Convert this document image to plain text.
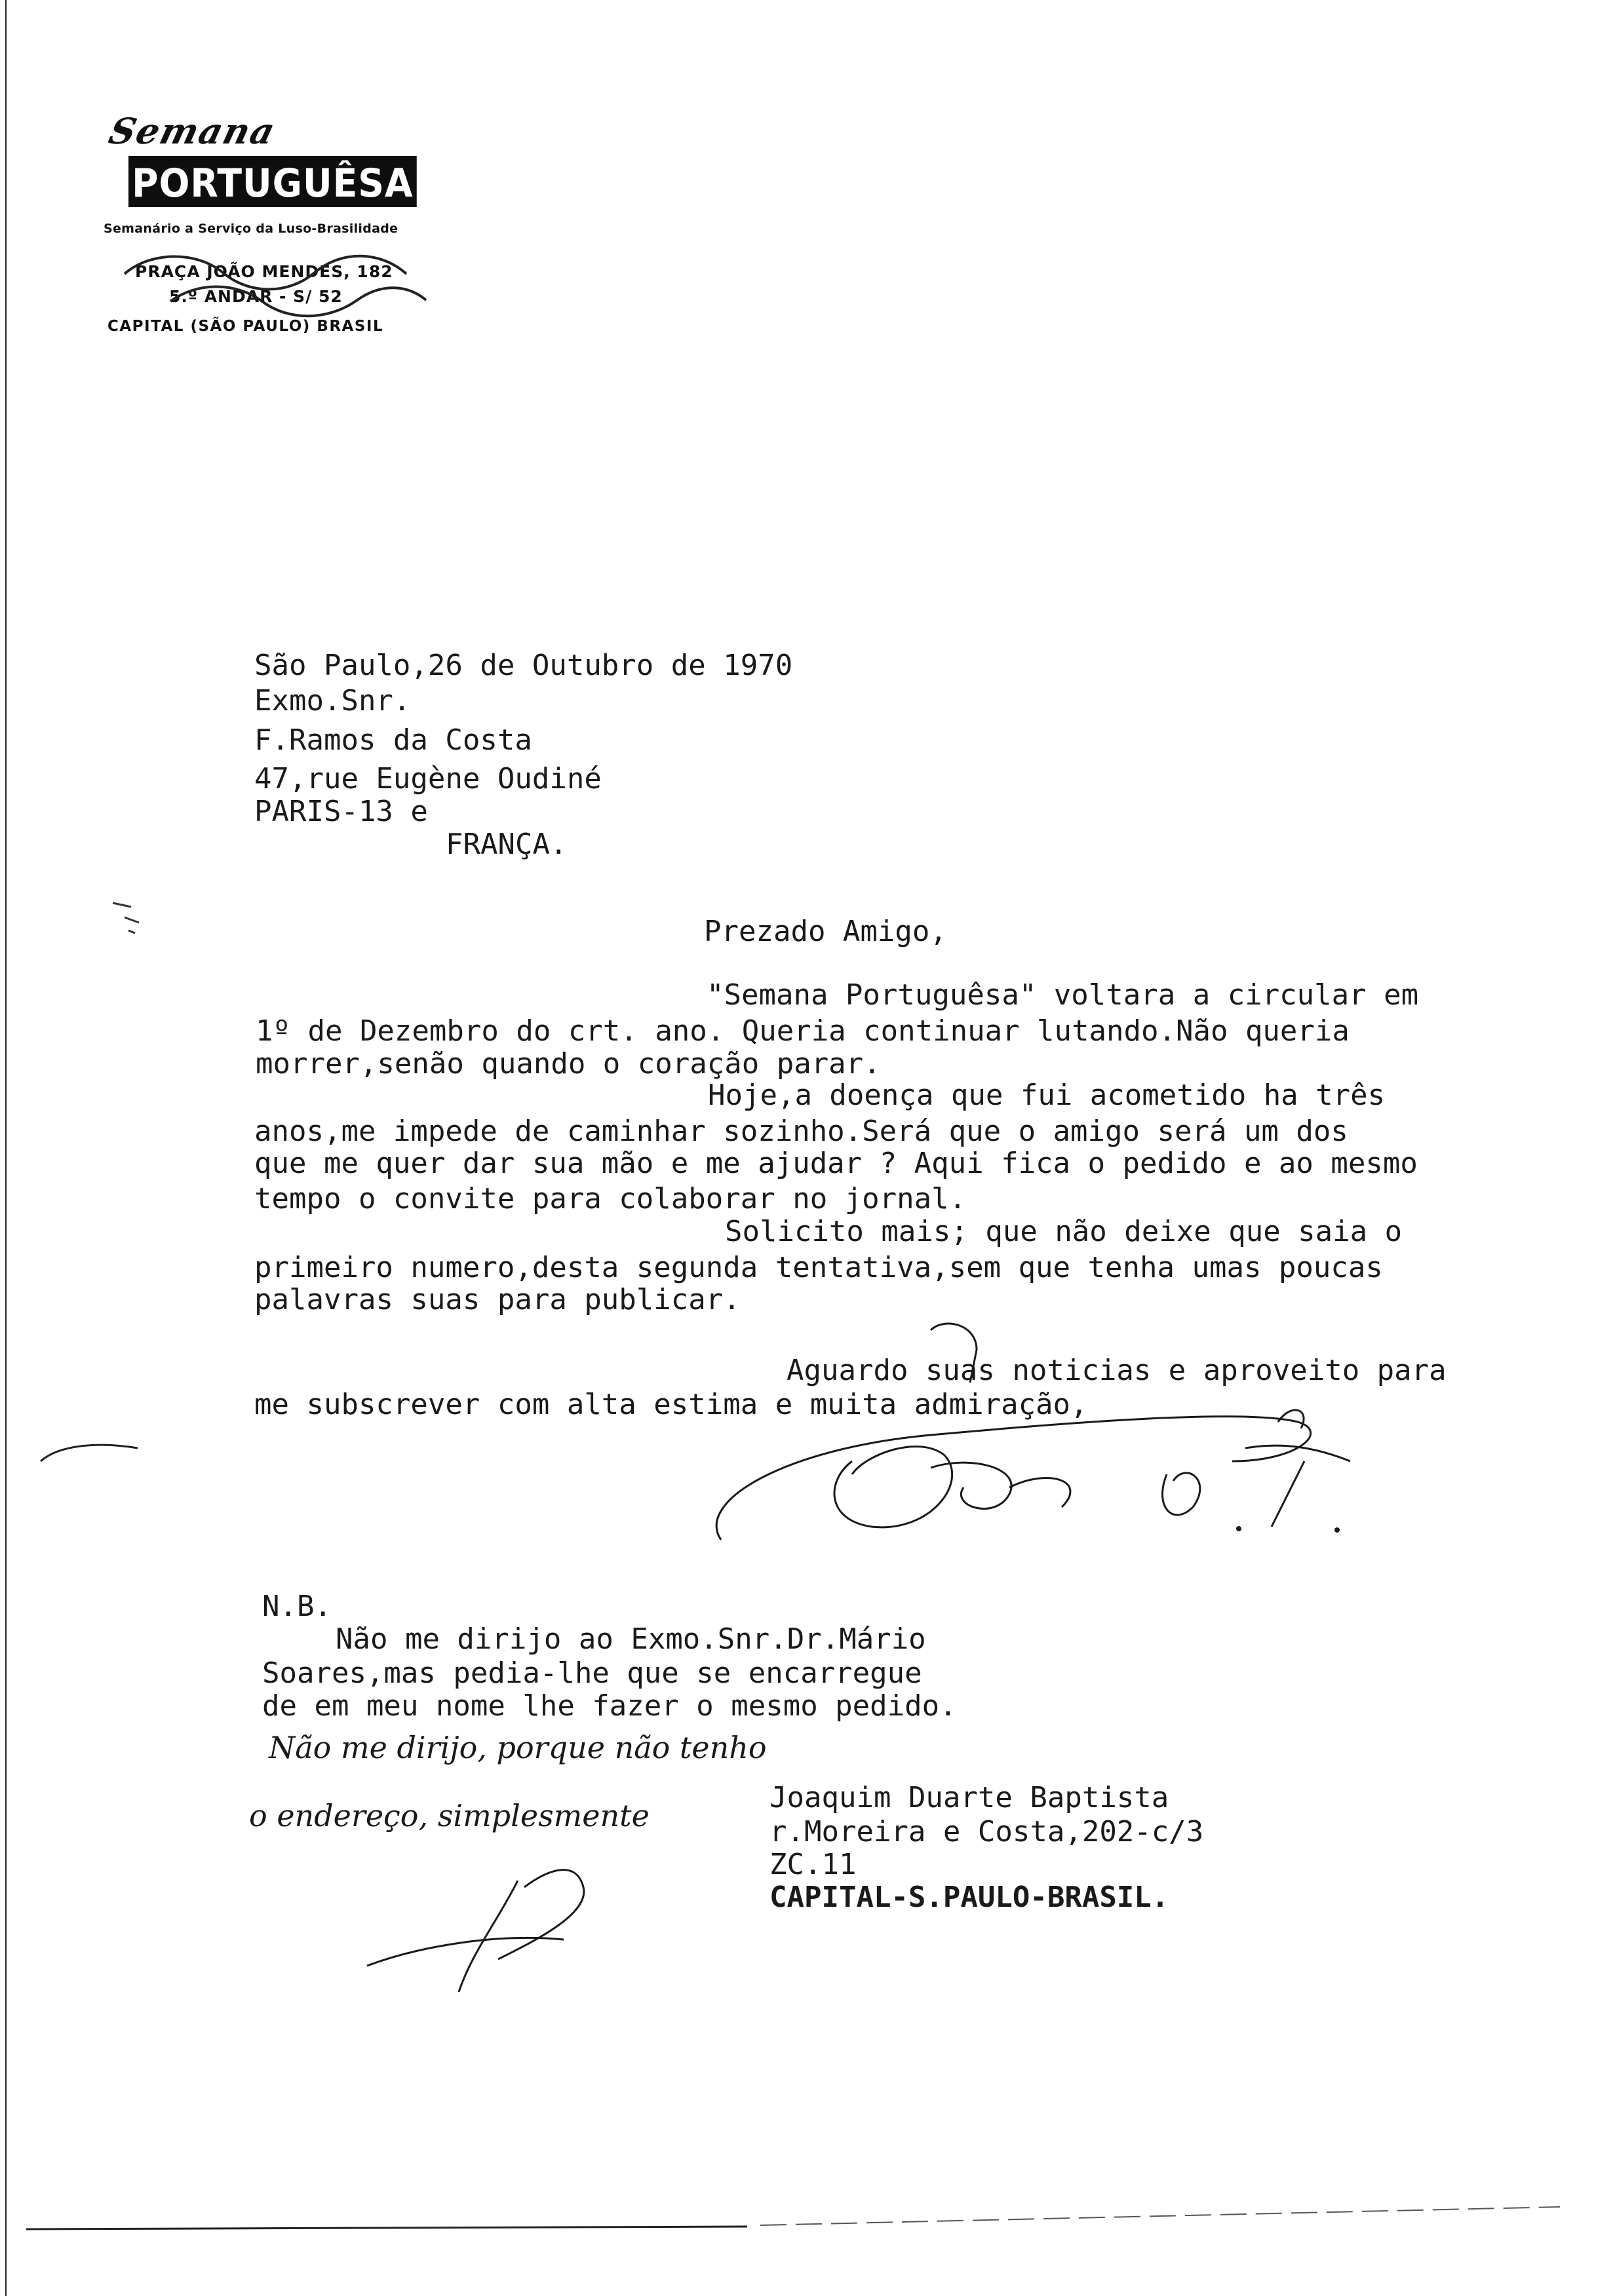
Semana
PORTUGUÊSA
Semanário a Serviço da Luso-Brasilidade
PRAÇA JOÃO MENDES, 182
5.º ANDAR - S/ 52
CAPITAL (SÃO PAULO) BRASIL
São Paulo,26 de Outubro de 1970
Exmo.Snr.
F.Ramos da Costa
47,rue Eugène Oudiné
PARIS-13 e
FRANÇA.
Prezado Amigo,
"Semana Portuguêsa" voltara a circular em
1º de Dezembro do crt. ano. Queria continuar lutando.Não queria
morrer,senão quando o coração parar.
Hoje,a doença que fui acometido ha três
anos,me impede de caminhar sozinho.Será que o amigo será um dos
que me quer dar sua mão e me ajudar ? Aqui fica o pedido e ao mesmo
tempo o convite para colaborar no jornal.
Solicito mais; que não deixe que saia o
primeiro numero,desta segunda tentativa,sem que tenha umas poucas
palavras suas para publicar.
Aguardo suas noticias e aproveito para
me subscrever com alta estima e muita admiração,
N.B.
Não me dirijo ao Exmo.Snr.Dr.Mário
Soares,mas pedia-lhe que se encarregue
de em meu nome lhe fazer o mesmo pedido.
Não me dirijo, porque não tenho
o endereço, simplesmente
Joaquim Duarte Baptista
r.Moreira e Costa,202-c/3
ZC.11
CAPITAL-S.PAULO-BRASIL.
